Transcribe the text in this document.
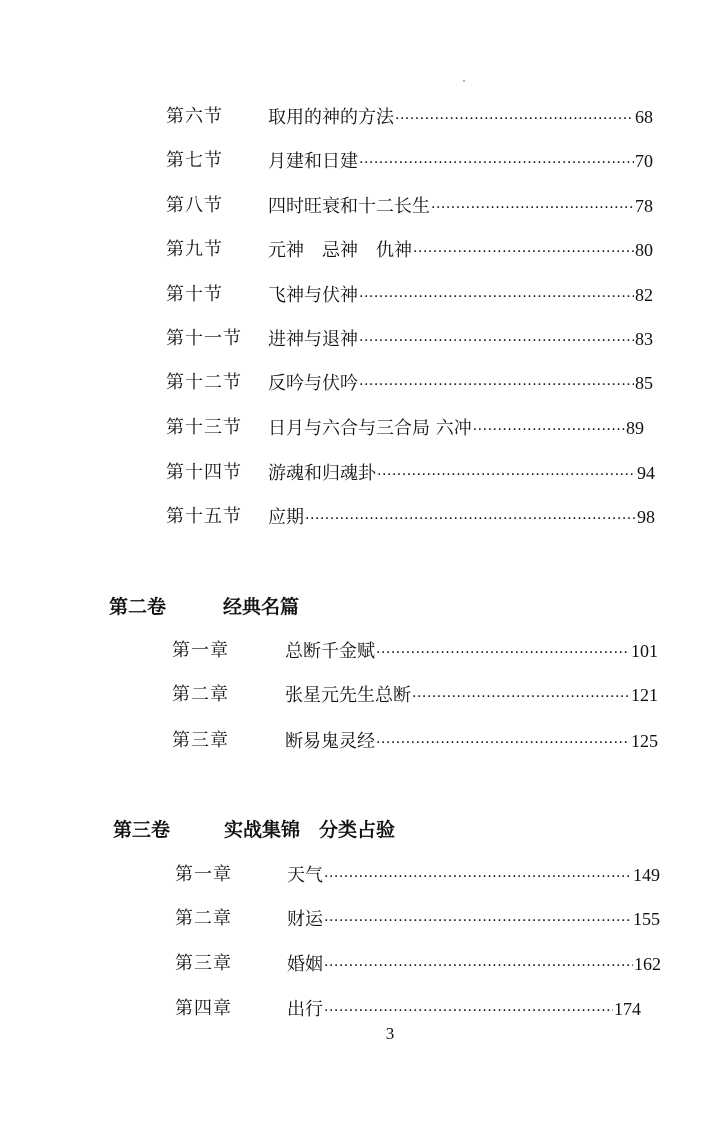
第六节	取用的神的方法 ·····	68
第七节	月建和日建 ·····	70
第八节	四时旺衰和十二长生 ·····	78
第九节	元神　忌神　仇神 ·····	80
第十节	飞神与伏神 ·····	82
第十一节 进神与退神 ·····	83
第十二节 反吟与伏吟 ·····	85
第十三节 日月与六合与三合局 六冲 ·····	89
第十四节 游魂和归魂卦 ·····	94
第十五节 应期 ·····	98
第二卷	经典名篇
第一章	总断千金赋 ·····	101
第二章	张星元先生总断 ·····	121
第三章	断易鬼灵经 ·····	125
第三卷	实战集锦　分类占验
第一章	天气 ·····	149
第二章	财运 ·····	155
第三章	婚姻 ·····	162
第四章	出行 ·····	174
3
